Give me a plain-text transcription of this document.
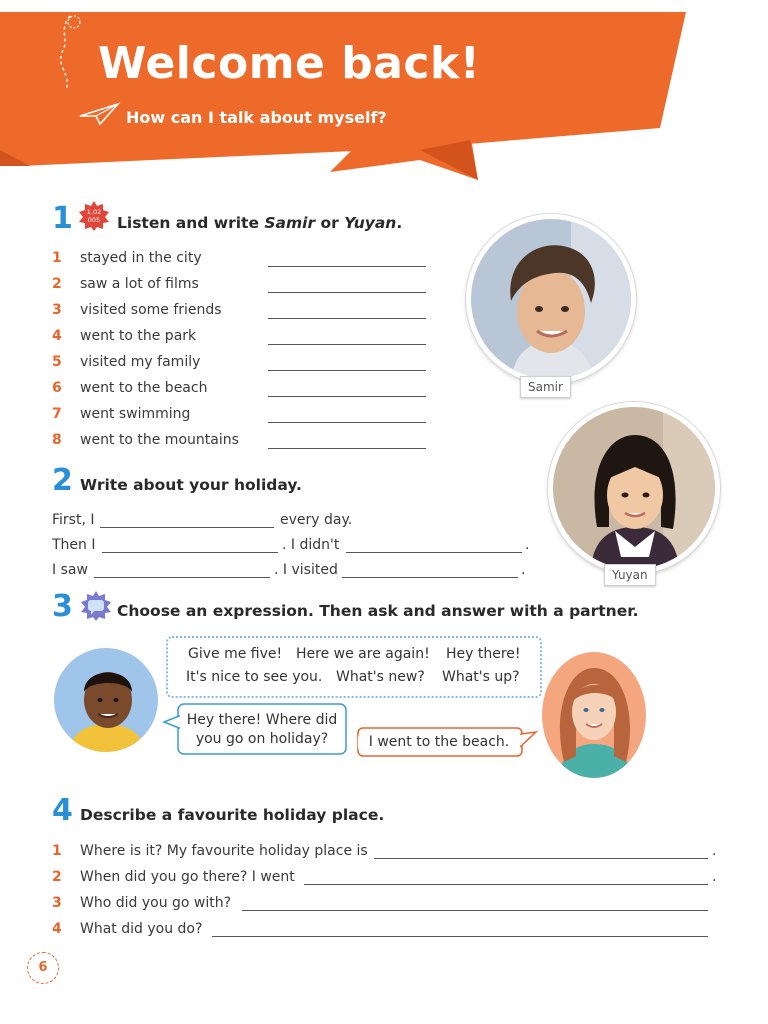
Welcome back!
How can I talk about myself?
1 1.02
005 Listen and write Samir or Yuyan.
1 stayed in the city
2 saw a lot of films
3 visited some friends
4 went to the park
5 visited my family
6 went to the beach
7 went swimming
8 went to the mountains
Samir
Yuyan
2 Write about your holiday.
First, I	every day.
Then I	. I didn't	.
I saw	. I visited	.
3	Choose an expression. Then ask and answer with a partner.
Give me five! Here we are again! Hey there!
It's nice to see you. What's new? What's up?
Hey there! Where did
you go on holiday?	I went to the beach.
4 Describe a favourite holiday place.
1 Where is it? My favourite holiday place is	.
2 When did you go there? I went	.
3 Who did you go with?
4 What did you do?
6
